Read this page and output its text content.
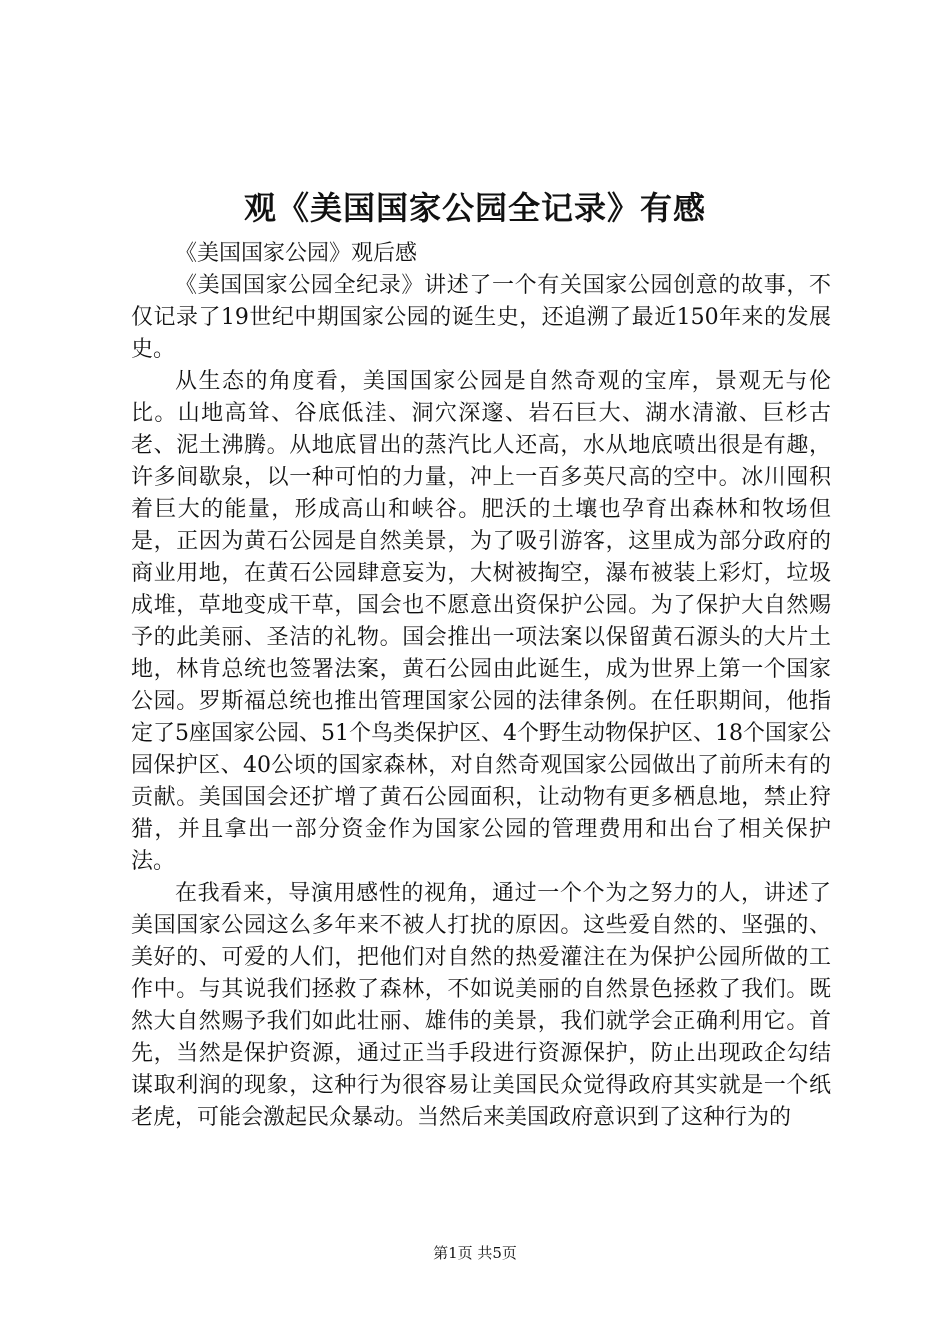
观《美国国家公园全记录》有感

《美国国家公园》观后感

《美国国家公园全纪录》讲述了一个有关国家公园创意的故事，不仅记录了19世纪中期国家公园的诞生史，还追溯了最近150年来的发展史。

从生态的角度看，美国国家公园是自然奇观的宝库，景观无与伦比。山地高耸、谷底低洼、洞穴深邃、岩石巨大、湖水清澈、巨杉古老、泥土沸腾。从地底冒出的蒸汽比人还高，水从地底喷出很是有趣，许多间歇泉，以一种可怕的力量，冲上一百多英尺高的空中。冰川囤积着巨大的能量，形成高山和峡谷。肥沃的土壤也孕育出森林和牧场但是，正因为黄石公园是自然美景，为了吸引游客，这里成为部分政府的商业用地，在黄石公园肆意妄为，大树被掏空，瀑布被装上彩灯，垃圾成堆，草地变成干草，国会也不愿意出资保护公园。为了保护大自然赐予的此美丽、圣洁的礼物。国会推出一项法案以保留黄石源头的大片土地，林肯总统也签署法案，黄石公园由此诞生，成为世界上第一个国家公园。罗斯福总统也推出管理国家公园的法律条例。在任职期间，他指定了5座国家公园、51个鸟类保护区、4个野生动物保护区、18个国家公园保护区、40公顷的国家森林，对自然奇观国家公园做出了前所未有的贡献。美国国会还扩增了黄石公园面积，让动物有更多栖息地，禁止狩猎，并且拿出一部分资金作为国家公园的管理费用和出台了相关保护法。

在我看来，导演用感性的视角，通过一个个为之努力的人，讲述了美国国家公园这么多年来不被人打扰的原因。这些爱自然的、坚强的、美好的、可爱的人们，把他们对自然的热爱灌注在为保护公园所做的工作中。与其说我们拯救了森林，不如说美丽的自然景色拯救了我们。既然大自然赐予我们如此壮丽、雄伟的美景，我们就学会正确利用它。首先，当然是保护资源，通过正当手段进行资源保护，防止出现政企勾结谋取利润的现象，这种行为很容易让美国民众觉得政府其实就是一个纸老虎，可能会激起民众暴动。当然后来美国政府意识到了这种行为的

第1页 共5页
